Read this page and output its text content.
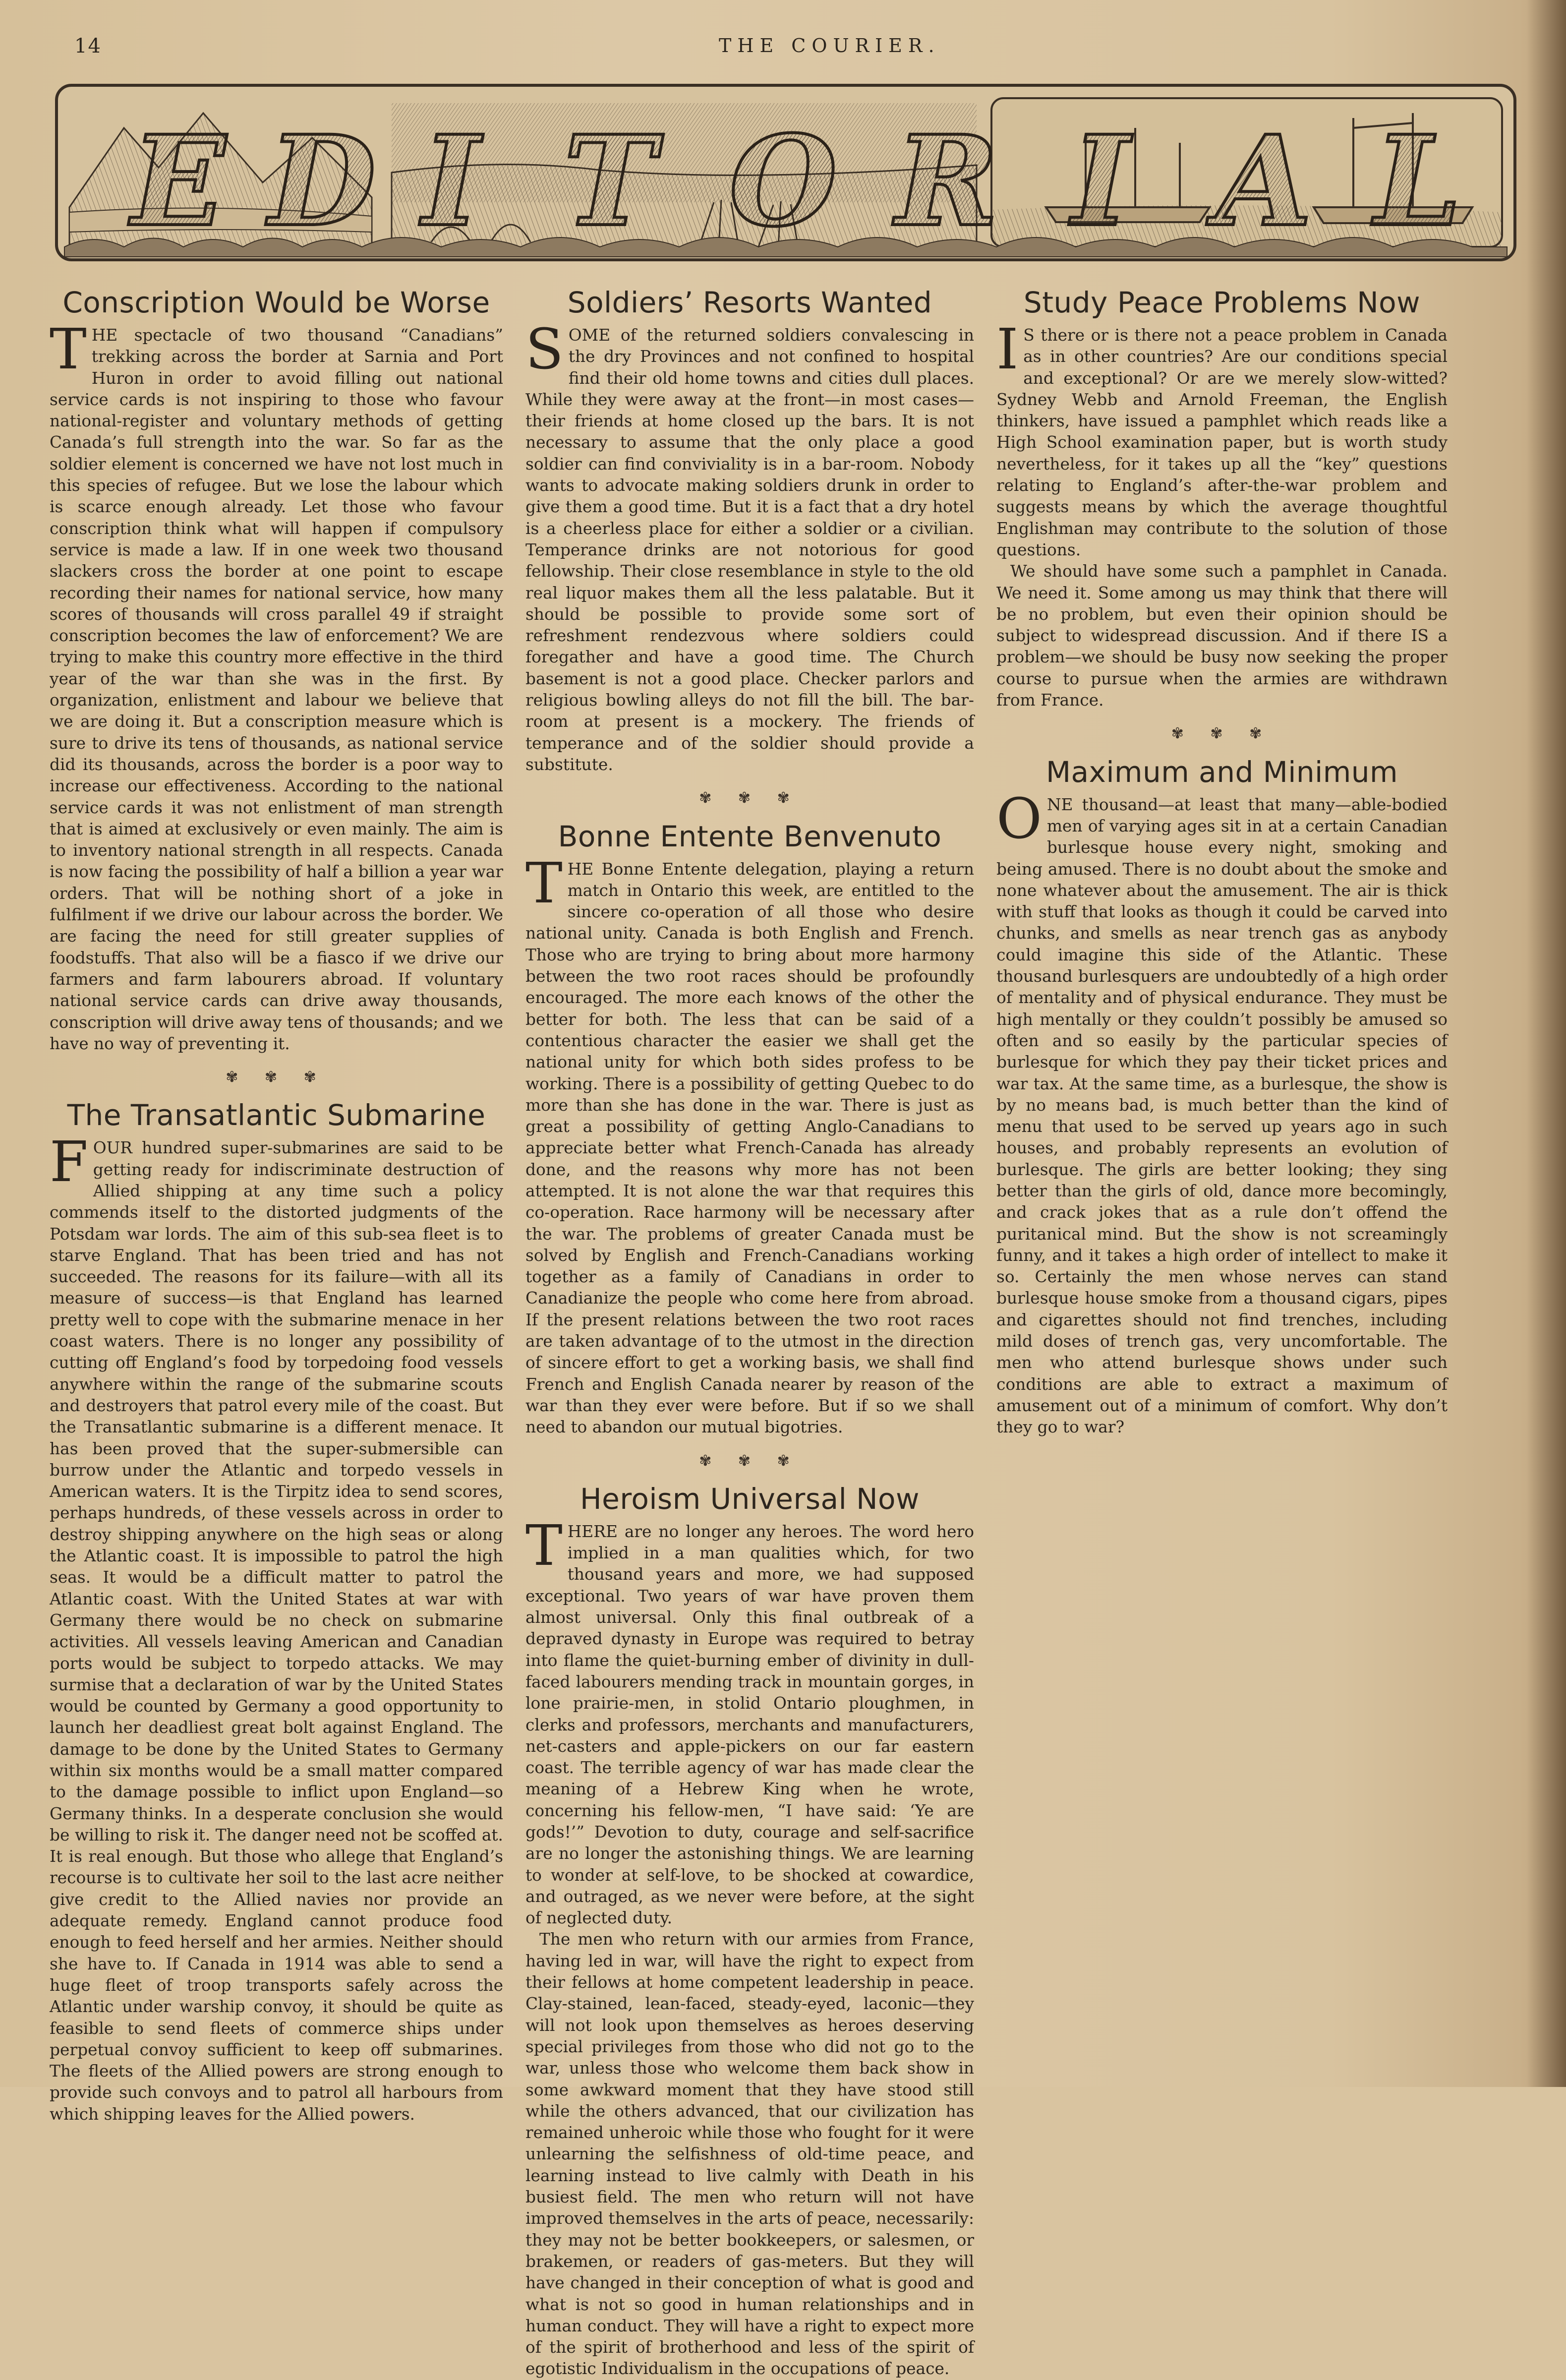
14	THE COURIER.
E D I T O R I A L
Conscription Would be Worse

THE spectacle of two thousand “Canadians” trekking across the border at Sarnia and Port Huron in order to avoid filling out national service cards is not inspiring to those who favour national-register and voluntary methods of getting Canada’s full strength into the war. So far as the soldier element is concerned we have not lost much in this species of refugee. But we lose the labour which is scarce enough already. Let those who favour conscription think what will happen if compulsory service is made a law. If in one week two thousand slackers cross the border at one point to escape recording their names for national service, how many scores of thousands will cross parallel 49 if straight conscription becomes the law of enforcement? We are trying to make this country more effective in the third year of the war than she was in the first. By organization, enlistment and labour we believe that we are doing it. But a conscription measure which is sure to drive its tens of thousands, as national service did its thousands, across the border is a poor way to increase our effectiveness. According to the national service cards it was not enlistment of man strength that is aimed at exclusively or even mainly. The aim is to inventory national strength in all respects. Canada is now facing the possibility of half a billion a year war orders. That will be nothing short of a joke in fulfilment if we drive our labour across the border. We are facing the need for still greater supplies of foodstuffs. That also will be a fiasco if we drive our farmers and farm labourers abroad. If voluntary national service cards can drive away thousands, conscription will drive away tens of thousands; and we have no way of preventing it.

✾ ✾ ✾
The Transatlantic Submarine

FOUR hundred super-submarines are said to be getting ready for indiscriminate destruction of Allied shipping at any time such a policy commends itself to the distorted judgments of the Potsdam war lords. The aim of this sub-sea fleet is to starve England. That has been tried and has not succeeded. The reasons for its failure—with all its measure of success—is that England has learned pretty well to cope with the submarine menace in her coast waters. There is no longer any possibility of cutting off England’s food by torpedoing food vessels anywhere within the range of the submarine scouts and destroyers that patrol every mile of the coast. But the Transatlantic submarine is a different menace. It has been proved that the super-submersible can burrow under the Atlantic and torpedo vessels in American waters. It is the Tirpitz idea to send scores, perhaps hundreds, of these vessels across in order to destroy shipping anywhere on the high seas or along the Atlantic coast. It is impossible to patrol the high seas. It would be a difficult matter to patrol the Atlantic coast. With the United States at war with Germany there would be no check on submarine activities. All vessels leaving American and Canadian ports would be subject to torpedo attacks. We may surmise that a declaration of war by the United States would be counted by Germany a good opportunity to launch her deadliest great bolt against England. The damage to be done by the United States to Germany within six months would be a small matter compared to the damage possible to inflict upon England—so Germany thinks. In a desperate conclusion she would be willing to risk it. The danger need not be scoffed at. It is real enough. But those who allege that England’s recourse is to cultivate her soil to the last acre neither give credit to the Allied navies nor provide an adequate remedy. England cannot produce food enough to feed herself and her armies. Neither should she have to. If Canada in 1914 was able to send a huge fleet of troop transports safely across the Atlantic under warship convoy, it should be quite as feasible to send fleets of commerce ships under perpetual convoy sufficient to keep off submarines. The fleets of the Allied powers are strong enough to provide such convoys and to patrol all harbours from which shipping leaves for the Allied powers.

Soldiers’ Resorts Wanted

SOME of the returned soldiers convalescing in the dry Provinces and not confined to hospital find their old home towns and cities dull places. While they were away at the front—in most cases—their friends at home closed up the bars. It is not necessary to assume that the only place a good soldier can find conviviality is in a bar-room. Nobody wants to advocate making soldiers drunk in order to give them a good time. But it is a fact that a dry hotel is a cheerless place for either a soldier or a civilian. Temperance drinks are not notorious for good fellowship. Their close resemblance in style to the old real liquor makes them all the less palatable. But it should be possible to provide some sort of refreshment rendezvous where soldiers could foregather and have a good time. The Church basement is not a good place. Checker parlors and religious bowling alleys do not fill the bill. The bar-room at present is a mockery. The friends of temperance and of the soldier should provide a substitute.

✾ ✾ ✾
Bonne Entente Benvenuto

THE Bonne Entente delegation, playing a return match in Ontario this week, are entitled to the sincere co-operation of all those who desire national unity. Canada is both English and French. Those who are trying to bring about more harmony between the two root races should be profoundly encouraged. The more each knows of the other the better for both. The less that can be said of a contentious character the easier we shall get the national unity for which both sides profess to be working. There is a possibility of getting Quebec to do more than she has done in the war. There is just as great a possibility of getting Anglo-Canadians to appreciate better what French-Canada has already done, and the reasons why more has not been attempted. It is not alone the war that requires this co-operation. Race harmony will be necessary after the war. The problems of greater Canada must be solved by English and French-Canadians working together as a family of Canadians in order to Canadianize the people who come here from abroad. If the present relations between the two root races are taken advantage of to the utmost in the direction of sincere effort to get a working basis, we shall find French and English Canada nearer by reason of the war than they ever were before. But if so we shall need to abandon our mutual bigotries.

✾ ✾ ✾
Heroism Universal Now

THERE are no longer any heroes. The word hero implied in a man qualities which, for two thousand years and more, we had supposed exceptional. Two years of war have proven them almost universal. Only this final outbreak of a depraved dynasty in Europe was required to betray into flame the quiet-burning ember of divinity in dull-faced labourers mending track in mountain gorges, in lone prairie-men, in stolid Ontario ploughmen, in clerks and professors, merchants and manufacturers, net-casters and apple-pickers on our far eastern coast. The terrible agency of war has made clear the meaning of a Hebrew King when he wrote, concerning his fellow-men, “I have said: ‘Ye are gods!’” Devotion to duty, courage and self-sacrifice are no longer the astonishing things. We are learning to wonder at self-love, to be shocked at cowardice, and outraged, as we never were before, at the sight of neglected duty.

The men who return with our armies from France, having led in war, will have the right to expect from their fellows at home competent leadership in peace. Clay-stained, lean-faced, steady-eyed, laconic—they will not look upon themselves as heroes deserving special privileges from those who did not go to the war, unless those who welcome them back show in some awkward moment that they have stood still while the others advanced, that our civilization has remained unheroic while those who fought for it were unlearning the selfishness of old-time peace, and learning instead to live calmly with Death in his busiest field. The men who return will not have improved themselves in the arts of peace, necessarily: they may not be better bookkeepers, or salesmen, or brakemen, or readers of gas-meters. But they will have changed in their conception of what is good and what is not so good in human relationships and in human conduct. They will have a right to expect more of the spirit of brotherhood and less of the spirit of egotistic Individualism in the occupations of peace.

Study Peace Problems Now

I S there or is there not a peace problem in Canada as in other countries? Are our conditions special and exceptional? Or are we merely slow-witted? Sydney Webb and Arnold Freeman, the English thinkers, have issued a pamphlet which reads like a High School examination paper, but is worth study nevertheless, for it takes up all the “key” questions relating to England’s after-the-war problem and suggests means by which the average thoughtful Englishman may contribute to the solution of those questions.

We should have some such a pamphlet in Canada. We need it. Some among us may think that there will be no problem, but even their opinion should be subject to widespread discussion. And if there IS a problem—we should be busy now seeking the proper course to pursue when the armies are withdrawn from France.

✾ ✾ ✾
Maximum and Minimum

ONE thousand—at least that many—able-bodied men of varying ages sit in at a certain Canadian burlesque house every night, smoking and being amused. There is no doubt about the smoke and none whatever about the amusement. The air is thick with stuff that looks as though it could be carved into chunks, and smells as near trench gas as anybody could imagine this side of the Atlantic. These thousand burlesquers are undoubtedly of a high order of mentality and of physical endurance. They must be high mentally or they couldn’t possibly be amused so often and so easily by the particular species of burlesque for which they pay their ticket prices and war tax. At the same time, as a burlesque, the show is by no means bad, is much better than the kind of menu that used to be served up years ago in such houses, and probably represents an evolution of burlesque. The girls are better looking; they sing better than the girls of old, dance more becomingly, and crack jokes that as a rule don’t offend the puritanical mind. But the show is not screamingly funny, and it takes a high order of intellect to make it so. Certainly the men whose nerves can stand burlesque house smoke from a thousand cigars, pipes and cigarettes should not find trenches, including mild doses of trench gas, very uncomfortable. The men who attend burlesque shows under such conditions are able to extract a maximum of amusement out of a minimum of comfort. Why don’t they go to war?
